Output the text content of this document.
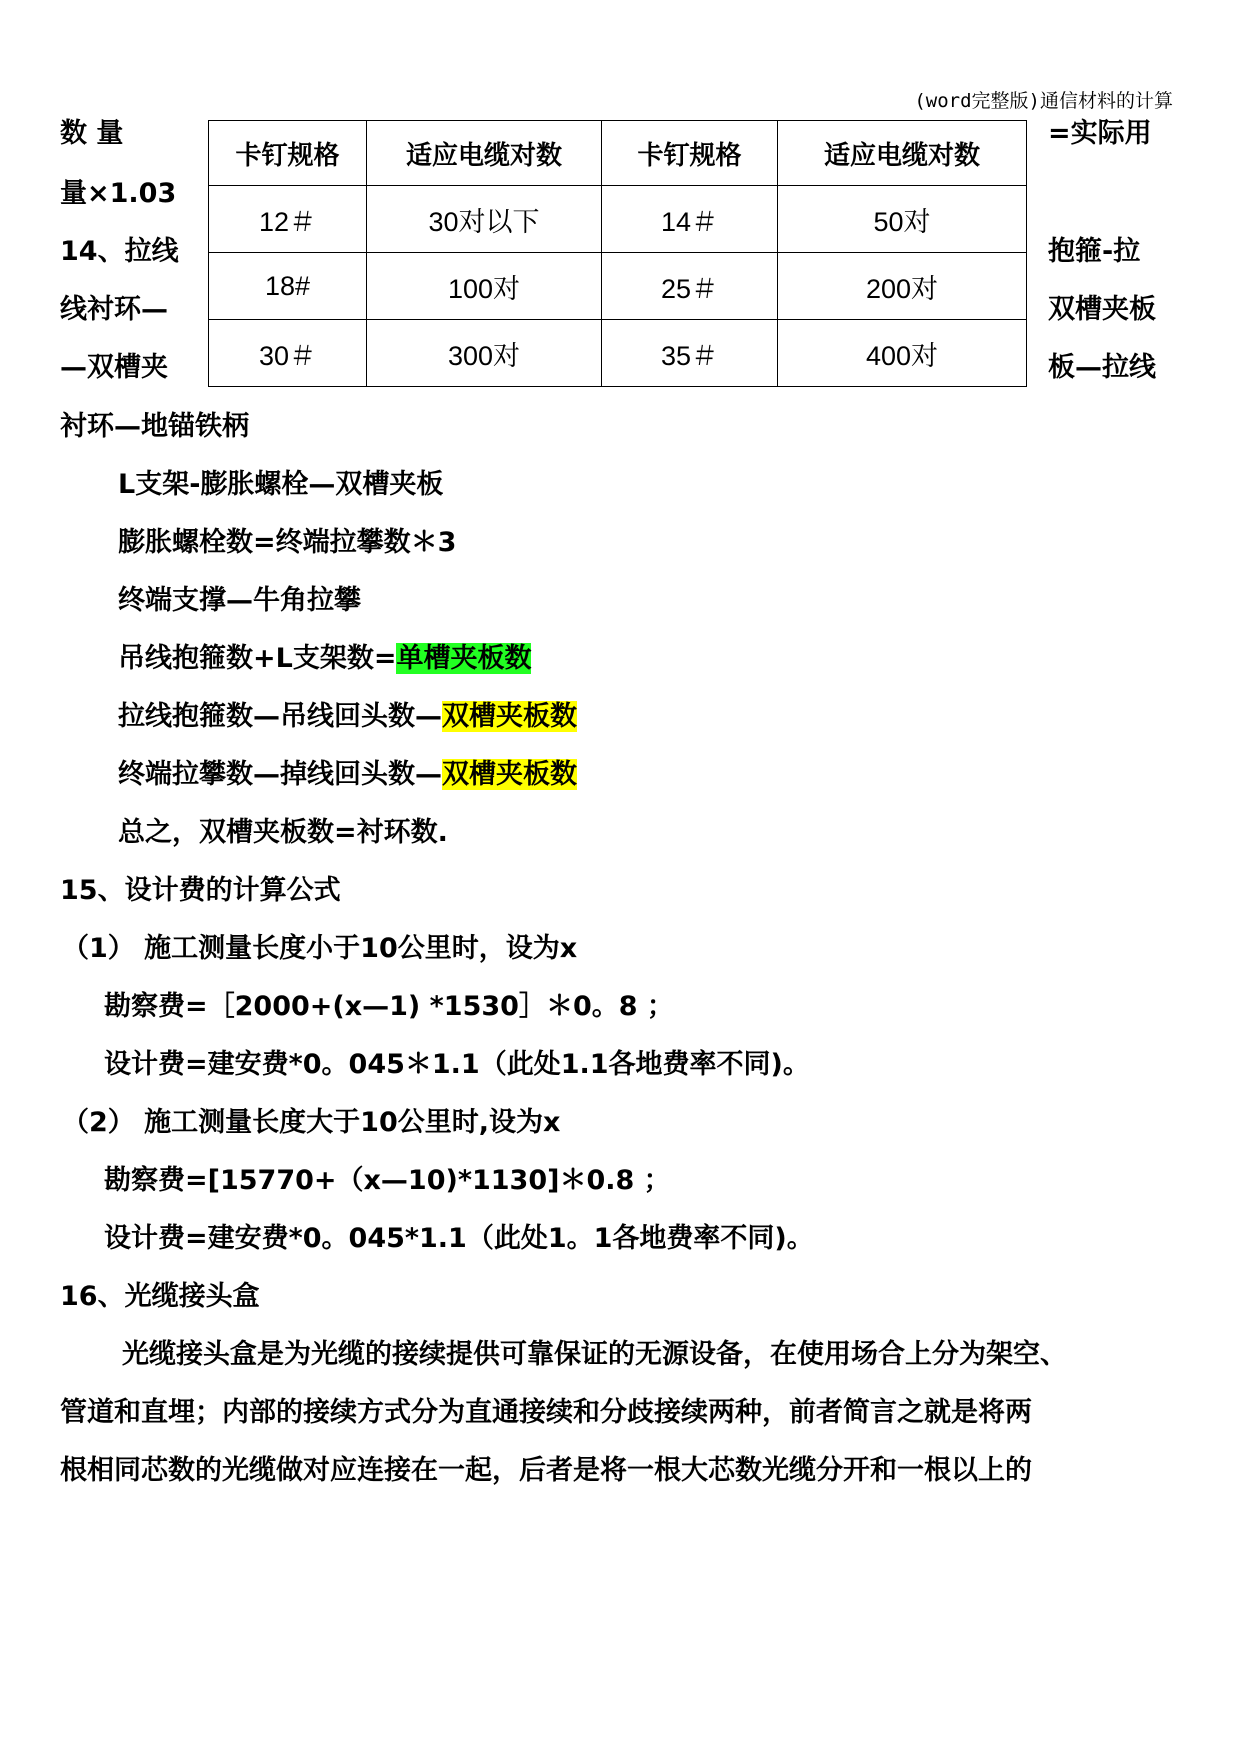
(word完整版)通信材料的计算
数 量
量×1.03
14、拉线
线衬环—
—双槽夹
=实际用
抱箍-拉
双槽夹板
板—拉线
卡钉规格	适应电缆对数	卡钉规格	适应电缆对数
12＃	30对以下	14＃	50对
18#	100对	25＃	200对
30＃	300对	35＃	400对
衬环—地锚铁柄
L支架-膨胀螺栓—双槽夹板
膨胀螺栓数=终端拉攀数＊3
终端支撑—牛角拉攀
吊线抱箍数+L支架数=单槽夹板数
拉线抱箍数—吊线回头数—双槽夹板数
终端拉攀数—掉线回头数—双槽夹板数
总之，双槽夹板数=衬环数.
15、设计费的计算公式
（1） 施工测量长度小于10公里时，设为x
勘察费=［2000+(x—1) *1530］＊0。8 ；
设计费=建安费*0。045＊1.1（此处1.1各地费率不同)。
（2） 施工测量长度大于10公里时,设为x
勘察费=[15770+（x—10)*1130]＊0.8 ；
设计费=建安费*0。045*1.1（此处1。1各地费率不同)。
16、光缆接头盒
光缆接头盒是为光缆的接续提供可靠保证的无源设备，在使用场合上分为架空、
管道和直埋；内部的接续方式分为直通接续和分歧接续两种，前者简言之就是将两
根相同芯数的光缆做对应连接在一起，后者是将一根大芯数光缆分开和一根以上的
